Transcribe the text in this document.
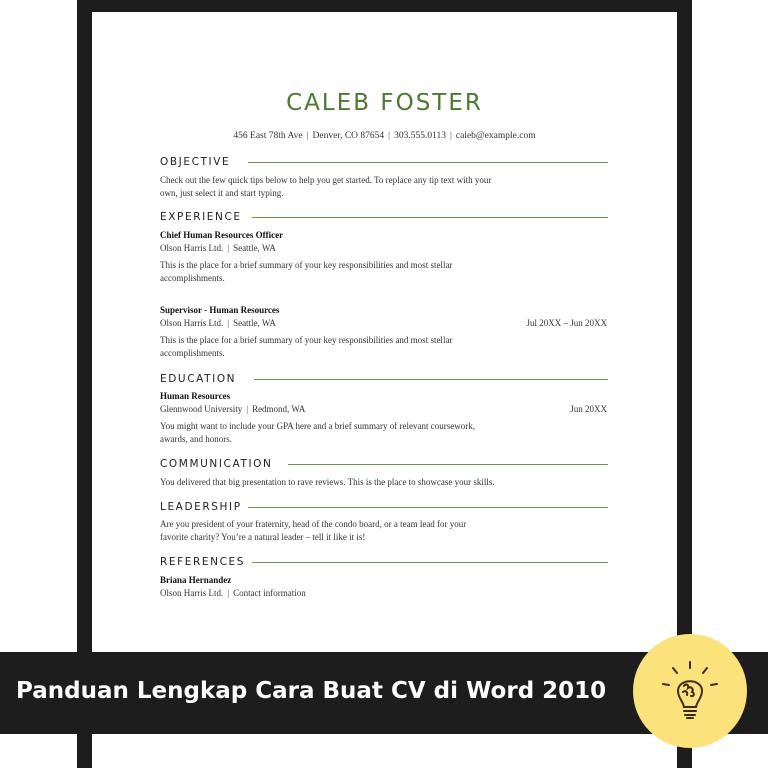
CALEB FOSTER
456 East 78th Ave | Denver, CO 87654 | 303.555.0113 | caleb@example.com
OBJECTIVE
Check out the few quick tips below to help you get started. To replace any tip text with your
own, just select it and start typing.
EXPERIENCE
Chief Human Resources Officer
Olson Harris Ltd. | Seattle, WA
This is the place for a brief summary of your key responsibilities and most stellar
accomplishments.
Supervisor - Human Resources
Olson Harris Ltd. | Seattle, WA	Jul 20XX – Jun 20XX
This is the place for a brief summary of your key responsibilities and most stellar
accomplishments.
EDUCATION
Human Resources
Glennwood University | Redmond, WA	Jun 20XX
You might want to include your GPA here and a brief summary of relevant coursework,
awards, and honors.
COMMUNICATION
You delivered that big presentation to rave reviews. This is the place to showcase your skills.
LEADERSHIP
Are you president of your fraternity, head of the condo board, or a team lead for your
favorite charity? You’re a natural leader – tell it like it is!
REFERENCES
Briana Hernandez
Olson Harris Ltd. | Contact information
Panduan Lengkap Cara Buat CV di Word 2010
